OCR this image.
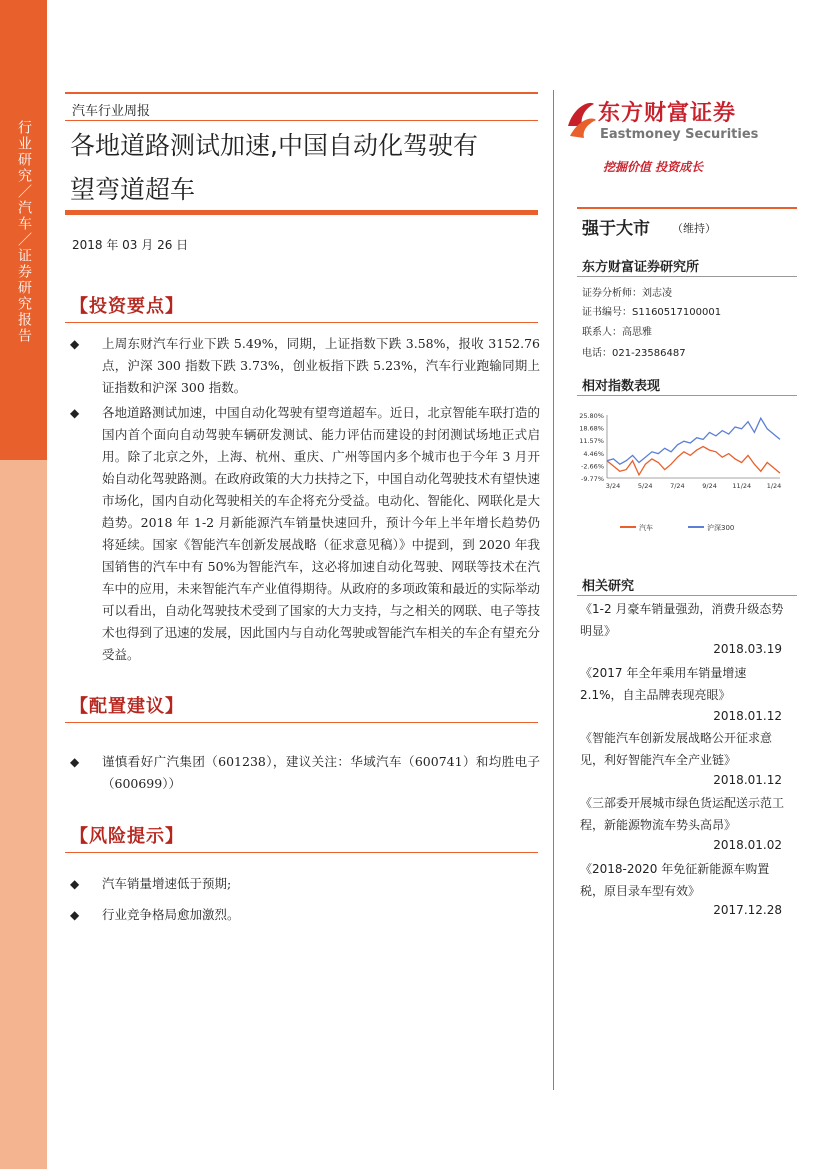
行业研究／汽车／证券研究报告
汽车行业周报
各地道路测试加速,中国自动化驾驶有
望弯道超车
2018 年 03 月 26 日
【投资要点】
◆ 上周东财汽车行业下跌 5.49%，同期，上证指数下跌 3.58%，报收 3152.76 点，沪深 300 指数下跌 3.73%，创业板指下跌 5.23%，汽车行业跑输同期上证指数和沪深 300 指数。
◆ 各地道路测试加速，中国自动化驾驶有望弯道超车。近日，北京智能车联打造的国内首个面向自动驾驶车辆研发测试、能力评估而建设的封闭测试场地正式启用。除了北京之外，上海、杭州、重庆、广州等国内多个城市也于今年 3 月开始自动化驾驶路测。在政府政策的大力扶持之下，中国自动化驾驶技术有望快速市场化，国内自动化驾驶相关的车企将充分受益。电动化、智能化、网联化是大趋势。2018 年 1-2 月新能源汽车销量快速回升，预计今年上半年增长趋势仍将延续。国家《智能汽车创新发展战略（征求意见稿）》中提到，到 2020 年我国销售的汽车中有 50%为智能汽车，这必将加速自动化驾驶、网联等技术在汽车中的应用，未来智能汽车产业值得期待。从政府的多项政策和最近的实际举动可以看出，自动化驾驶技术受到了国家的大力支持，与之相关的网联、电子等技术也得到了迅速的发展，因此国内与自动化驾驶或智能汽车相关的车企有望充分受益。
【配置建议】
◆ 谨慎看好广汽集团（601238），建议关注：华域汽车（600741）和均胜电子（600699））
【风险提示】
◆ 汽车销量增速低于预期;
◆ 行业竞争格局愈加激烈。
东方财富证券
Eastmoney Securities
挖掘价值 投资成长
强于大市 （维持）
东方财富证券研究所
证券分析师：刘志凌
证书编号：S1160517100001
联系人：高思雅
电话：021-23586487
相对指数表现
25.80%
18.68%
11.57%
4.46%
-2.66%
-9.77%
3/24	5/24	7/24	9/24 11/24 1/24
汽车	沪深300
相关研究
《1-2 月豪车销量强劲，消费升级态势明显》
2018.03.19
《2017 年全年乘用车销量增速 2.1%，自主品牌表现亮眼》
2018.01.12
《智能汽车创新发展战略公开征求意见，利好智能汽车全产业链》
2018.01.12
《三部委开展城市绿色货运配送示范工程，新能源物流车势头高昂》
2018.01.02
《2018-2020 年免征新能源车购置税，原目录车型有效》
2017.12.28
